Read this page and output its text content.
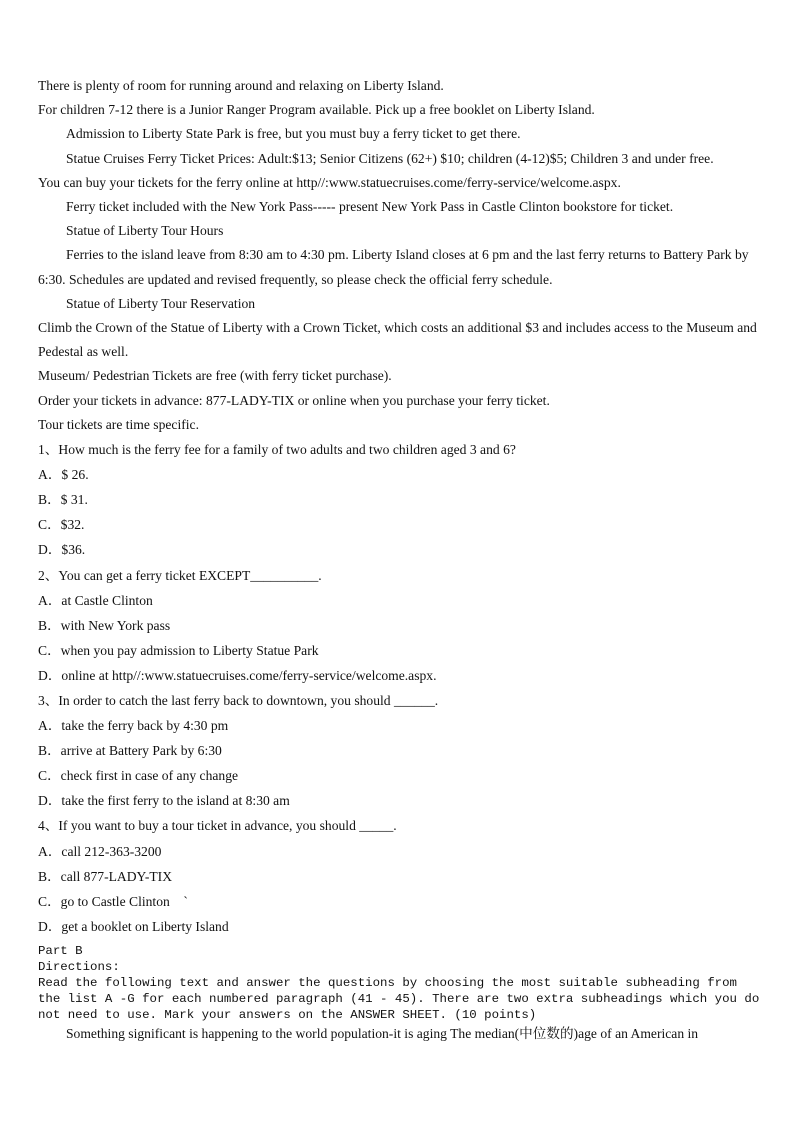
There is plenty of room for running around and relaxing on Liberty Island.
For children 7-12 there is a Junior Ranger Program available. Pick up a free booklet on Liberty Island.
Admission to Liberty State Park is free, but you must buy a ferry ticket to get there.
Statue Cruises Ferry Ticket Prices: Adult:$13; Senior Citizens (62+) $10; children (4-12)$5; Children 3 and under free.
You can buy your tickets for the ferry online at http//:www.statuecruises.come/ferry-service/welcome.aspx.
Ferry ticket included with the New York Pass----- present New York Pass in Castle Clinton bookstore for ticket.
Statue of Liberty Tour Hours
Ferries to the island leave from 8:30 am to 4:30 pm. Liberty Island closes at 6 pm and the last ferry returns to Battery Park by 6:30. Schedules are updated and revised frequently, so please check the official ferry schedule.
Statue of Liberty Tour Reservation
Climb the Crown of the Statue of Liberty with a Crown Ticket, which costs an additional $3 and includes access to the Museum and Pedestal as well.
Museum/ Pedestrian Tickets are free (with ferry ticket purchase).
Order your tickets in advance: 877-LADY-TIX or online when you purchase your ferry ticket.
Tour tickets are time specific.
1、How much is the ferry fee for a family of two adults and two children aged 3 and 6?
A．$ 26.
B．$ 31.
C．$32.
D．$36.
2、You can get a ferry ticket EXCEPT__________.
A．at Castle Clinton
B．with New York pass
C．when you pay admission to Liberty Statue Park
D．online at http//:www.statuecruises.come/ferry-service/welcome.aspx.
3、In order to catch the last ferry back to downtown, you should ______.
A．take the ferry back by 4:30 pm
B．arrive at Battery Park by 6:30
C．check first in case of any change
D．take the first ferry to the island at 8:30 am
4、If you want to buy a tour ticket in advance, you should _____.
A．call 212-363-3200
B．call 877-LADY-TIX
C．go to Castle Clinton　`
D．get a booklet on Liberty Island
Part B
Directions:
Read the following text and answer the questions by choosing the most suitable subheading from the list A -G for each numbered paragraph (41 - 45). There are two extra subheadings which you do not need to use. Mark your answers on the ANSWER SHEET. (10 points)
Something significant is happening to the world population-it is aging The median(中位数的)age of an American in
